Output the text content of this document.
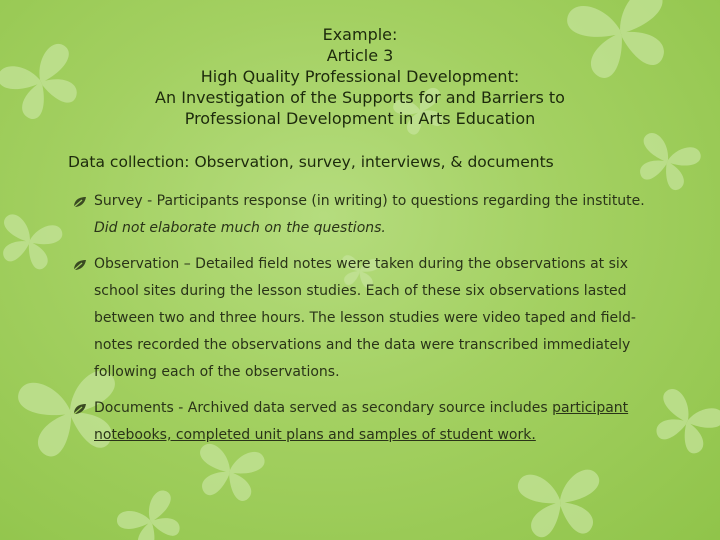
Example:
Article 3
High Quality Professional Development:
An Investigation of the Supports for and Barriers to
Professional Development in Arts Education
Data collection: Observation, survey, interviews, & documents
Survey - Participants response (in writing) to questions regarding the institute. Did not elaborate much on the questions.
Observation – Detailed field notes were taken during the observations at six school sites during the lesson studies. Each of these six observations lasted between two and three hours. The lesson studies were video taped and field-notes recorded the observations and the data were transcribed immediately following each of the observations.
Documents - Archived data served as secondary source includes participant notebooks, completed unit plans and samples of student work.
